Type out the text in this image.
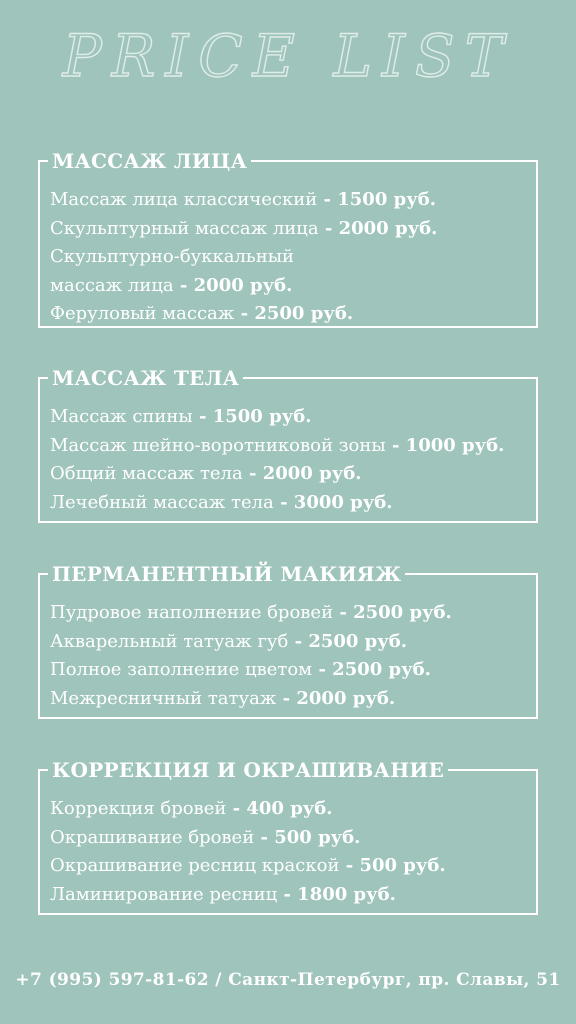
PRICE LIST
МАССАЖ ЛИЦА
Массаж лица классический - 1500 руб.
Скульптурный массаж лица - 2000 руб.
Скульптурно-буккальный
массаж лица - 2000 руб.
Феруловый массаж - 2500 руб.
МАССАЖ ТЕЛА
Массаж спины - 1500 руб.
Массаж шейно-воротниковой зоны - 1000 руб.
Общий массаж тела - 2000 руб.
Лечебный массаж тела - 3000 руб.
ПЕРМАНЕНТНЫЙ МАКИЯЖ
Пудровое наполнение бровей - 2500 руб.
Акварельный татуаж губ - 2500 руб.
Полное заполнение цветом - 2500 руб.
Межресничный татуаж - 2000 руб.
КОРРЕКЦИЯ И ОКРАШИВАНИЕ
Коррекция бровей - 400 руб.
Окрашивание бровей - 500 руб.
Окрашивание ресниц краской - 500 руб.
Ламинирование ресниц - 1800 руб.
+7 (995) 597-81-62 / Санкт-Петербург, пр. Славы, 51
